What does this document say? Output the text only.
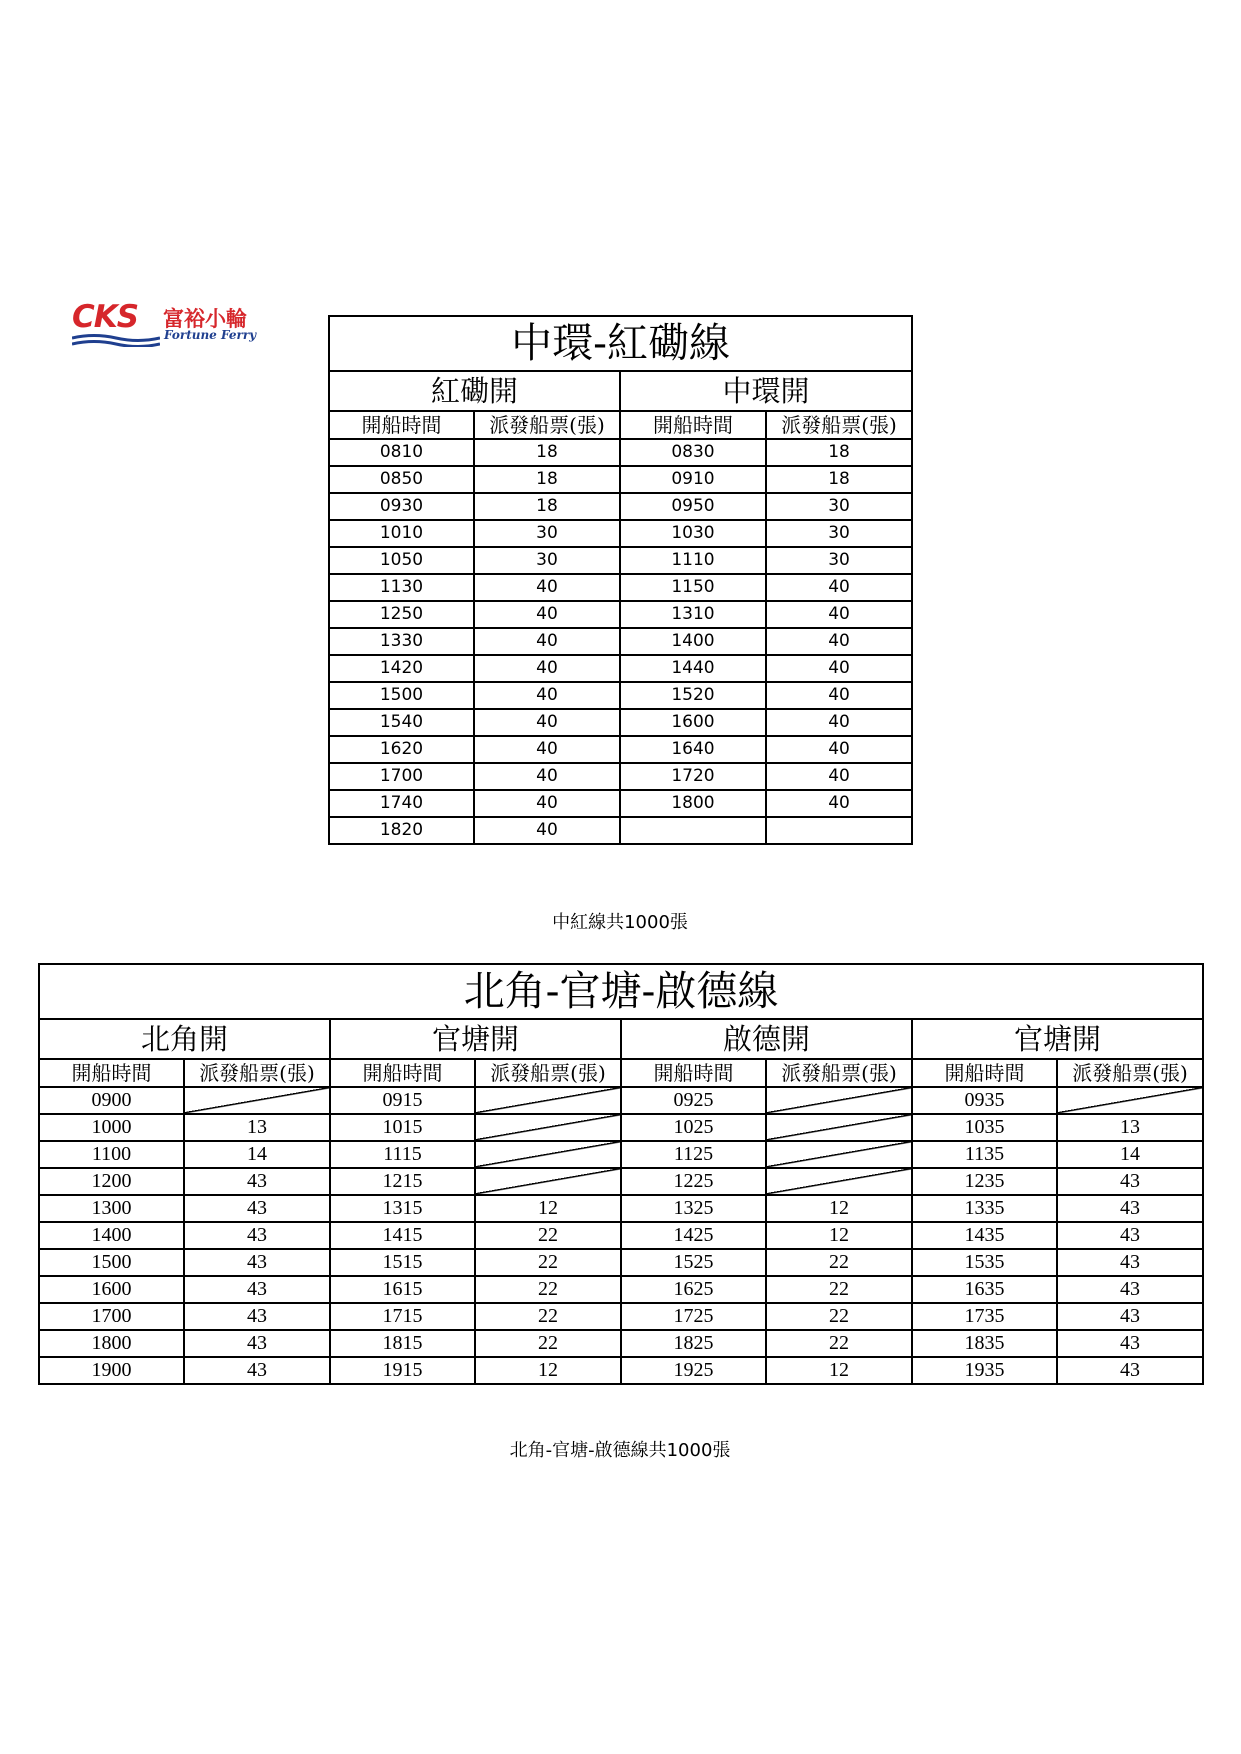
CKS 富裕小輪
Fortune Ferry	中環-紅磡線			
紅磡開		中環開	
開船時間	派發船票(張)	開船時間	派發船票(張)
0810	18	0830	18
0850	18	0910	18
0930	18	0950	30
1010	30	1030	30
1050	30	1110	30
1130	40	1150	40
1250	40	1310	40
1330	40	1400	40
1420	40	1440	40
1500	40	1520	40
1540	40	1600	40
1620	40	1640	40
1700	40	1720	40
1740	40	1800	40
1820	40		
中紅線共1000張
北角-官塘-啟德線							
北角開		官塘開		啟德開		官塘開	
開船時間	派發船票(張)	開船時間	派發船票(張)	開船時間	派發船票(張)	開船時間	派發船票(張)
0900		0915		0925		0935	
1000	13	1015		1025		1035	13
1100	14	1115		1125		1135	14
1200	43	1215		1225		1235	43
1300	43	1315	12	1325	12	1335	43
1400	43	1415	22	1425	12	1435	43
1500	43	1515	22	1525	22	1535	43
1600	43	1615	22	1625	22	1635	43
1700	43	1715	22	1725	22	1735	43
1800	43	1815	22	1825	22	1835	43
1900	43	1915	12	1925	12	1935	43
北角-官塘-啟德線共1000張
